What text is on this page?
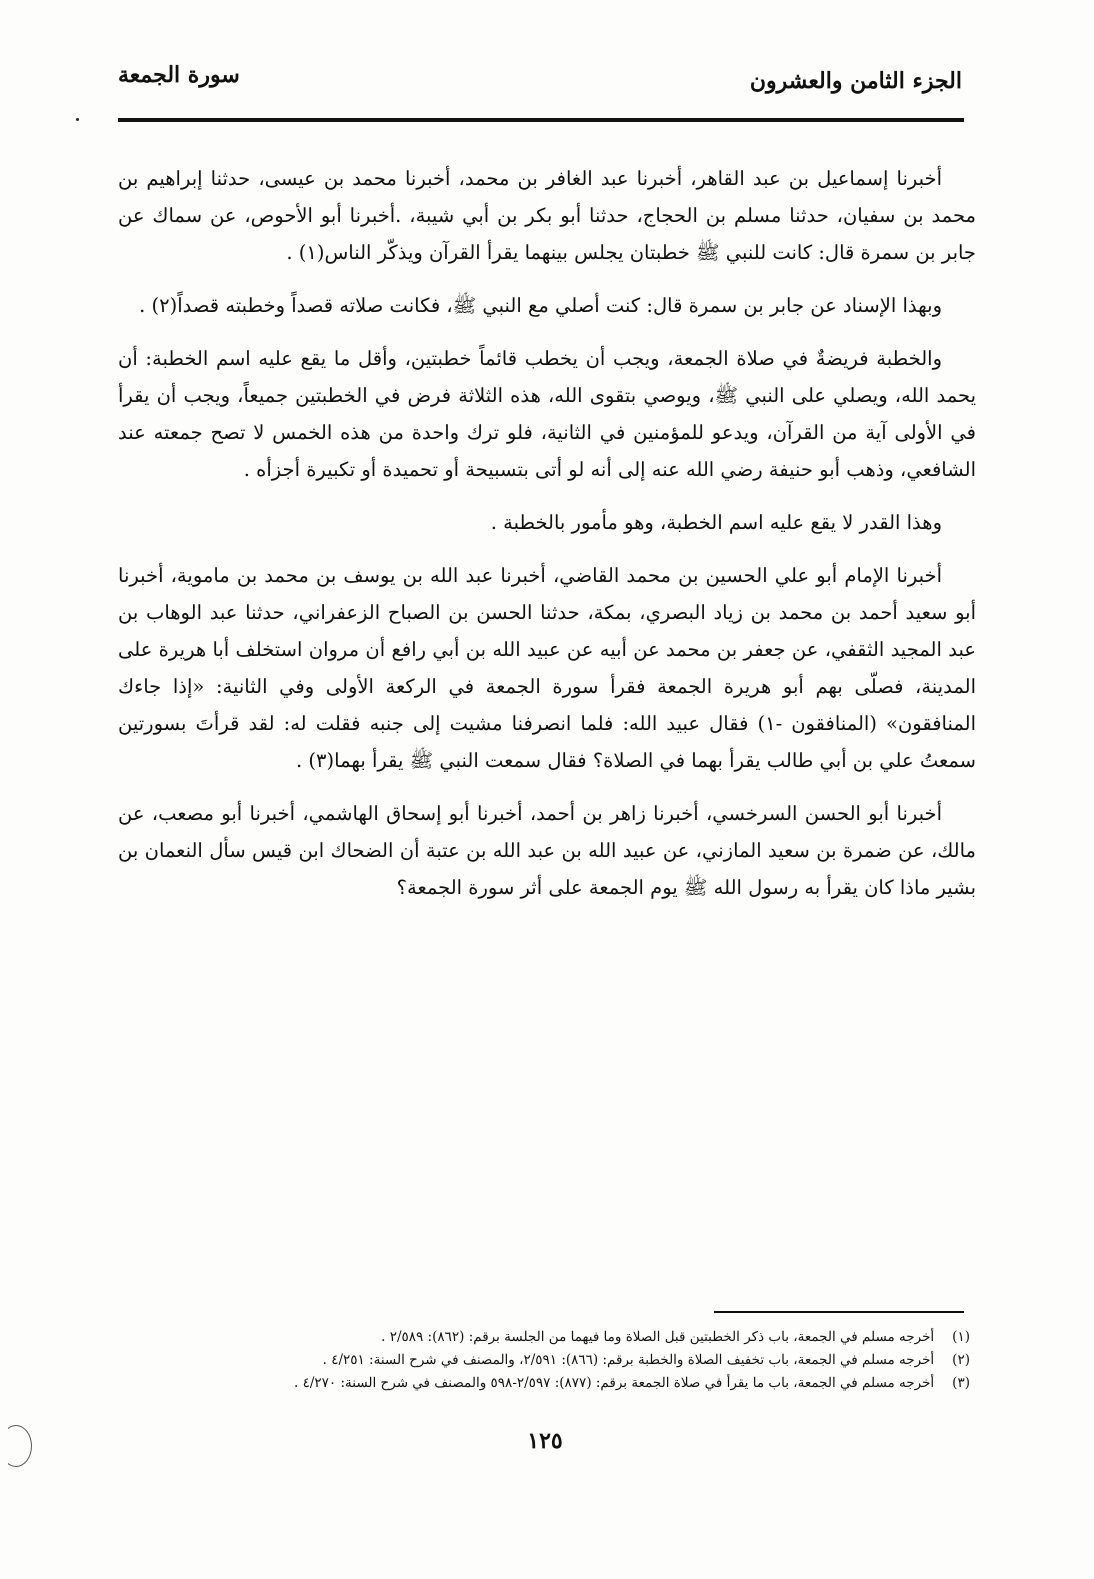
الجزء الثامن والعشرون
سورة الجمعة

أخبرنا إسماعيل بن عبد القاهر، أخبرنا عبد الغافر بن محمد، أخبرنا محمد بن عيسى، حدثنا إبراهيم بن محمد بن سفيان، حدثنا مسلم بن الحجاج، حدثنا أبو بكر بن أبي شيبة، .أخبرنا أبو الأحوص، عن سماك عن جابر بن سمرة قال: كانت للنبي ﷺ خطبتان يجلس بينهما يقرأ القرآن ويذكّر الناس(١) .

وبهذا الإسناد عن جابر بن سمرة قال: كنت أصلي مع النبي ﷺ، فكانت صلاته قصداً وخطبته قصداً(٢) .

والخطبة فريضةٌ في صلاة الجمعة، ويجب أن يخطب قائماً خطبتين، وأقل ما يقع عليه اسم الخطبة: أن يحمد الله، ويصلي على النبي ﷺ، ويوصي بتقوى الله، هذه الثلاثة فرض في الخطبتين جميعاً، ويجب أن يقرأ في الأولى آية من القرآن، ويدعو للمؤمنين في الثانية، فلو ترك واحدة من هذه الخمس لا تصح جمعته عند الشافعي، وذهب أبو حنيفة رضي الله عنه إلى أنه لو أتى بتسبيحة أو تحميدة أو تكبيرة أجزأه .

وهذا القدر لا يقع عليه اسم الخطبة، وهو مأمور بالخطبة .

أخبرنا الإمام أبو علي الحسين بن محمد القاضي، أخبرنا عبد الله بن يوسف بن محمد بن ماموية، أخبرنا أبو سعيد أحمد بن محمد بن زياد البصري، بمكة، حدثنا الحسن بن الصباح الزعفراني، حدثنا عبد الوهاب بن عبد المجيد الثقفي، عن جعفر بن محمد عن أبيه عن عبيد الله بن أبي رافع أن مروان استخلف أبا هريرة على المدينة، فصلّى بهم أبو هريرة الجمعة فقرأ سورة الجمعة في الركعة الأولى وفي الثانية: «إذا جاءك المنافقون» (المنافقون -١) فقال عبيد الله: فلما انصرفنا مشيت إلى جنبه فقلت له: لقد قرأتَ بسورتين سمعتُ علي بن أبي طالب يقرأ بهما في الصلاة؟ فقال سمعت النبي ﷺ يقرأ بهما(٣) .

أخبرنا أبو الحسن السرخسي، أخبرنا زاهر بن أحمد، أخبرنا أبو إسحاق الهاشمي، أخبرنا أبو مصعب، عن مالك، عن ضمرة بن سعيد المازني، عن عبيد الله بن عبد الله بن عتبة أن الضحاك ابن قيس سأل النعمان بن بشير ماذا كان يقرأ به رسول الله ﷺ يوم الجمعة على أثر سورة الجمعة؟

(١)
أخرجه مسلم في الجمعة، باب ذكر الخطبتين قبل الصلاة وما فيهما من الجلسة برقم: (٨٦٢): ٢/٥٨٩ .
(٢)
أخرجه مسلم في الجمعة، باب تخفيف الصلاة والخطبة برقم: (٨٦٦): ٢/٥٩١، والمصنف في شرح السنة: ٤/٢٥١ .
(٣)
أخرجه مسلم في الجمعة، باب ما يقرأ في صلاة الجمعة برقم: (٨٧٧): ٢/٥٩٧-٥٩٨ والمصنف في شرح السنة: ٤/٢٧٠ .
١٢٥
